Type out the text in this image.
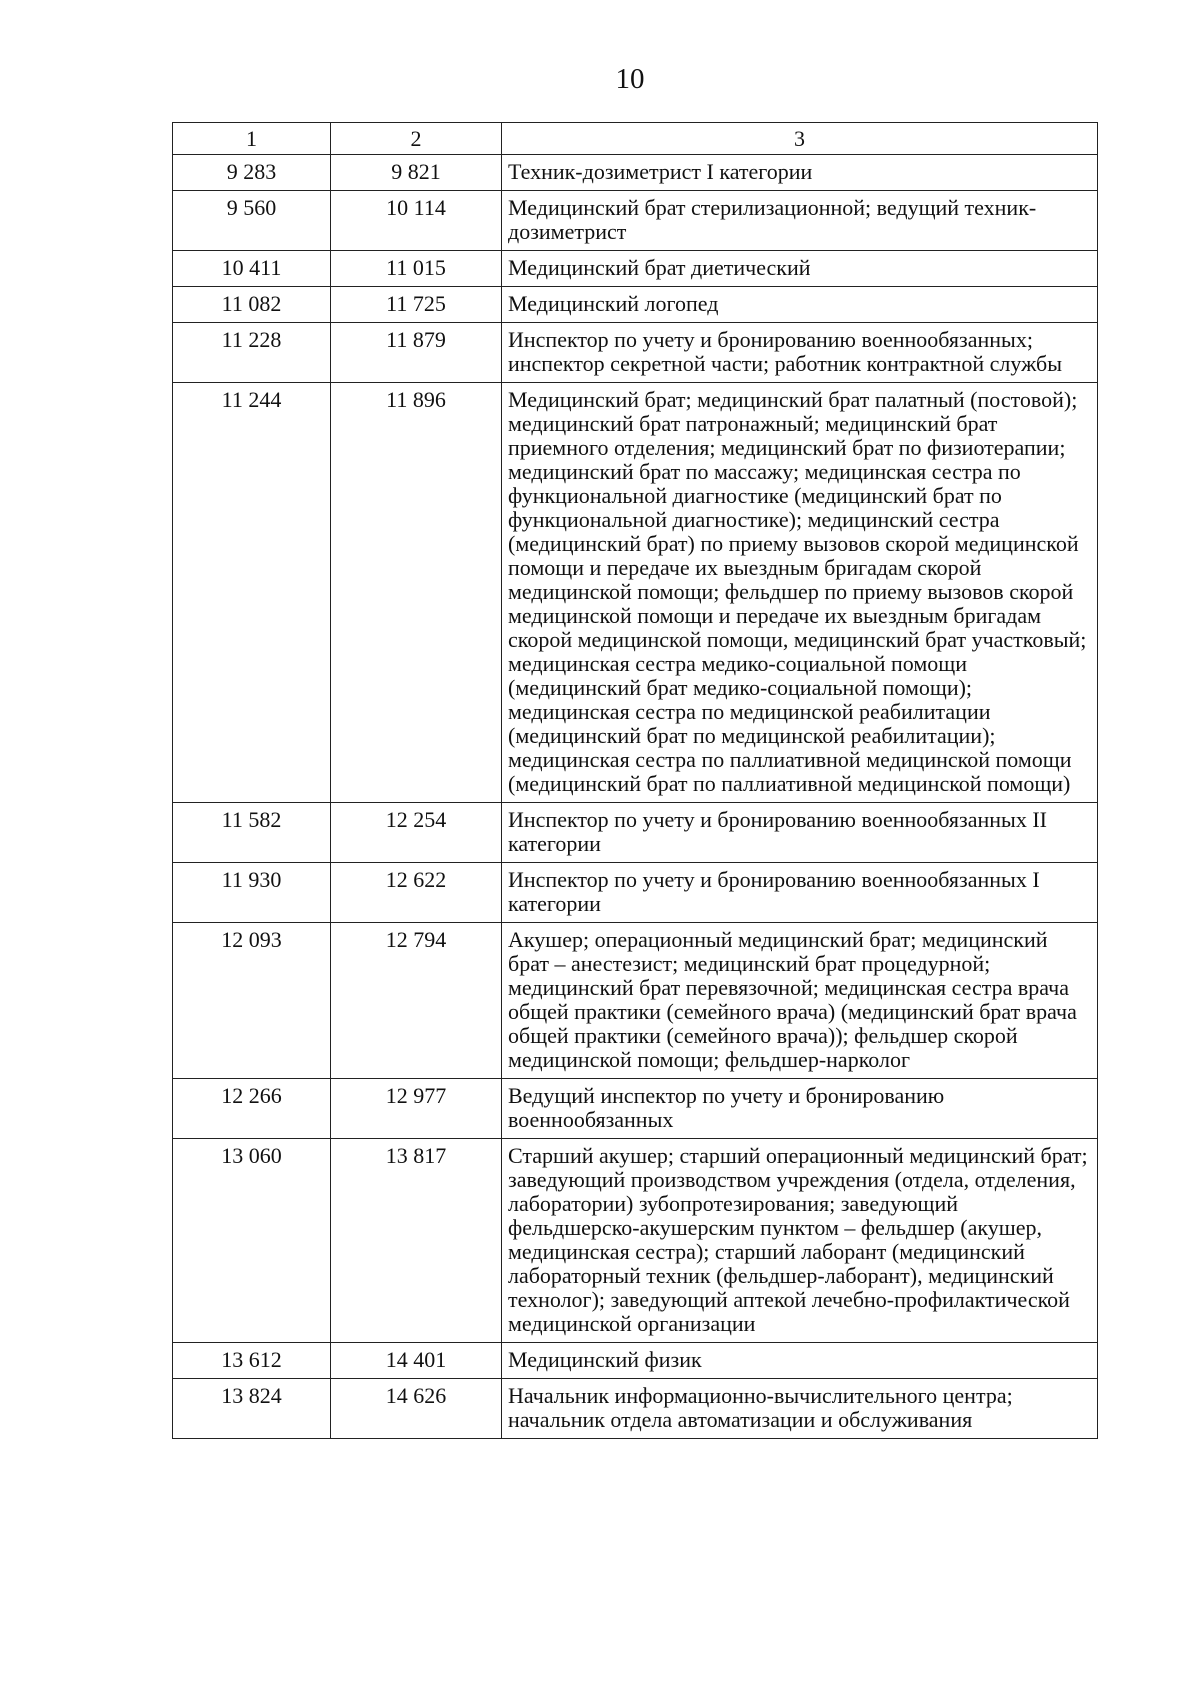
10
1	2	3
9 283	9 821	Техник-дозиметрист I категории
9 560	10 114	Медицинский брат стерилизационной; ведущий техник-дозиметрист
10 411	11 015	Медицинский брат диетический
11 082	11 725	Медицинский логопед
11 228	11 879	Инспектор по учету и бронированию военнообязанных; инспектор секретной части; работник контрактной службы
11 244	11 896	Медицинский брат; медицинский брат палатный (постовой); медицинский брат патронажный; медицинский брат приемного отделения; медицинский брат по физиотерапии; медицинский брат по массажу; медицинская сестра по функциональной диагностике (медицинский брат по функциональной диагностике); медицинский сестра (медицинский брат) по приему вызовов скорой медицинской помощи и передаче их выездным бригадам скорой медицинской помощи; фельдшер по приему вызовов скорой медицинской помощи и передаче их выездным бригадам скорой медицинской помощи, медицинский брат участковый; медицинская сестра медико-социальной помощи (медицинский брат медико-социальной помощи); медицинская сестра по медицинской реабилитации (медицинский брат по медицинской реабилитации); медицинская сестра по паллиативной медицинской помощи (медицинский брат по паллиативной медицинской помощи)
11 582	12 254	Инспектор по учету и бронированию военнообязанных II категории
11 930	12 622	Инспектор по учету и бронированию военнообязанных I категории
12 093	12 794	Акушер; операционный медицинский брат; медицинский брат – анестезист; медицинский брат процедурной; медицинский брат перевязочной; медицинская сестра врача общей практики (семейного врача) (медицинский брат врача общей практики (семейного врача)); фельдшер скорой медицинской помощи; фельдшер-нарколог
12 266	12 977	Ведущий инспектор по учету и бронированию военнообязанных
13 060	13 817	Старший акушер; старший операционный медицинский брат; заведующий производством учреждения (отдела, отделения, лаборатории) зубопротезирования; заведующий фельдшерско-акушерским пунктом – фельдшер (акушер, медицинская сестра); старший лаборант (медицинский лабораторный техник (фельдшер-лаборант), медицинский технолог); заведующий аптекой лечебно-профилактической медицинской организации
13 612	14 401	Медицинский физик
13 824	14 626	Начальник информационно-вычислительного центра; начальник отдела автоматизации и обслуживания
